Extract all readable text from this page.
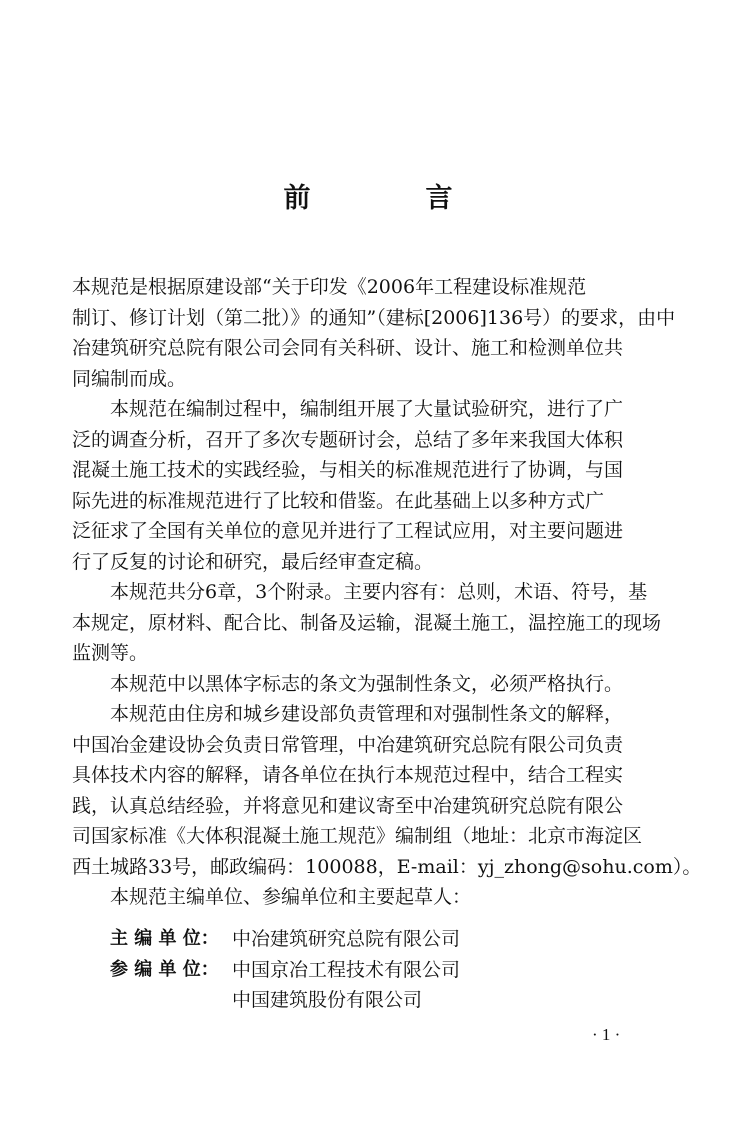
前　言
本规范是根据原建设部“关于印发《2006年工程建设标准规范
制订、修订计划（第二批）》的通知”（建标[2006]136号）的要求，由中
冶建筑研究总院有限公司会同有关科研、设计、施工和检测单位共
同编制而成。
本规范在编制过程中，编制组开展了大量试验研究，进行了广
泛的调查分析，召开了多次专题研讨会，总结了多年来我国大体积
混凝土施工技术的实践经验，与相关的标准规范进行了协调，与国
际先进的标准规范进行了比较和借鉴。在此基础上以多种方式广
泛征求了全国有关单位的意见并进行了工程试应用，对主要问题进
行了反复的讨论和研究，最后经审查定稿。
本规范共分6章，3个附录。主要内容有：总则，术语、符号，基
本规定，原材料、配合比、制备及运输，混凝土施工，温控施工的现场
监测等。
本规范中以黑体字标志的条文为强制性条文，必须严格执行。
本规范由住房和城乡建设部负责管理和对强制性条文的解释，
中国冶金建设协会负责日常管理，中冶建筑研究总院有限公司负责
具体技术内容的解释，请各单位在执行本规范过程中，结合工程实
践，认真总结经验，并将意见和建议寄至中冶建筑研究总院有限公
司国家标准《大体积混凝土施工规范》编制组（地址：北京市海淀区
西土城路33号，邮政编码：100088，E-mail：yj_zhong@sohu.com）。
本规范主编单位、参编单位和主要起草人：
主 编 单 位： 中冶建筑研究总院有限公司
参 编 单 位： 中国京冶工程技术有限公司
中国建筑股份有限公司
· 1 ·
